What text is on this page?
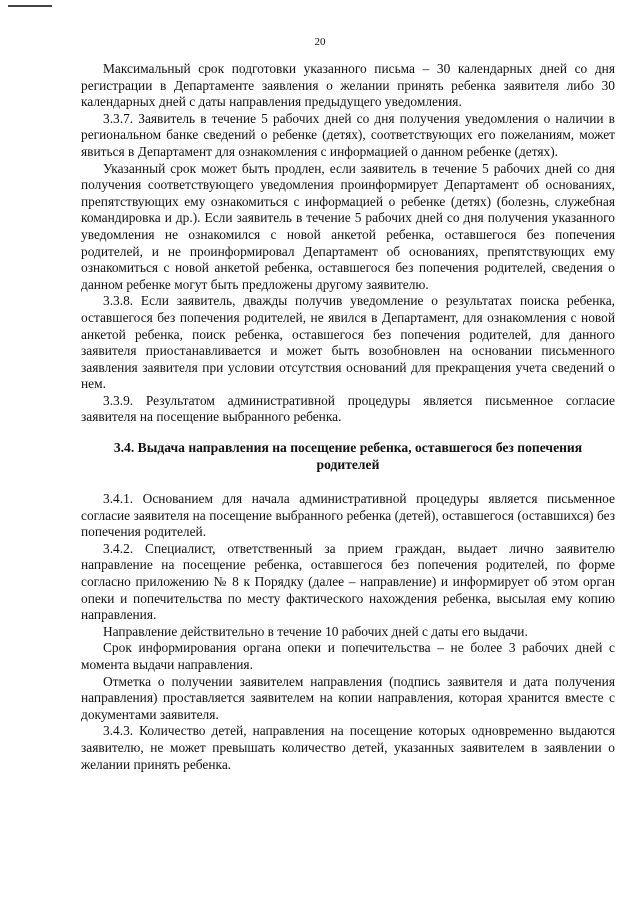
20

Максимальный срок подготовки указанного письма – 30 календарных дней со дня регистрации в Департаменте заявления о желании принять ребенка заявителя либо 30 календарных дней с даты направления предыдущего уведомления.

3.3.7. Заявитель в течение 5 рабочих дней со дня получения уведомления о наличии в региональном банке сведений о ребенке (детях), соответствующих его пожеланиям, может явиться в Департамент для ознакомления с информацией о данном ребенке (детях).

Указанный срок может быть продлен, если заявитель в течение 5 рабочих дней со дня получения соответствующего уведомления проинформирует Департамент об основаниях, препятствующих ему ознакомиться с информацией о ребенке (детях) (болезнь, служебная командировка и др.). Если заявитель в течение 5 рабочих дней со дня получения указанного уведомления не ознакомился с новой анкетой ребенка, оставшегося без попечения родителей, и не проинформировал Департамент об основаниях, препятствующих ему ознакомиться с новой анкетой ребенка, оставшегося без попечения родителей, сведения о данном ребенке могут быть предложены другому заявителю.

3.3.8. Если заявитель, дважды получив уведомление о результатах поиска ребенка, оставшегося без попечения родителей, не явился в Департамент, для ознакомления с новой анкетой ребенка, поиск ребенка, оставшегося без попечения родителей, для данного заявителя приостанавливается и может быть возобновлен на основании письменного заявления заявителя при условии отсутствия оснований для прекращения учета сведений о нем.

3.3.9. Результатом административной процедуры является письменное согласие заявителя на посещение выбранного ребенка.

3.4. Выдача направления на посещение ребенка, оставшегося без попечения родителей

3.4.1. Основанием для начала административной процедуры является письменное согласие заявителя на посещение выбранного ребенка (детей), оставшегося (оставшихся) без попечения родителей.

3.4.2. Специалист, ответственный за прием граждан, выдает лично заявителю направление на посещение ребенка, оставшегося без попечения родителей, по форме согласно приложению № 8 к Порядку (далее – направление) и информирует об этом орган опеки и попечительства по месту фактического нахождения ребенка, высылая ему копию направления.

Направление действительно в течение 10 рабочих дней с даты его выдачи.

Срок информирования органа опеки и попечительства – не более 3 рабочих дней с момента выдачи направления.

Отметка о получении заявителем направления (подпись заявителя и дата получения направления) проставляется заявителем на копии направления, которая хранится вместе с документами заявителя.

3.4.3. Количество детей, направления на посещение которых одновременно выдаются заявителю, не может превышать количество детей, указанных заявителем в заявлении о желании принять ребенка.
